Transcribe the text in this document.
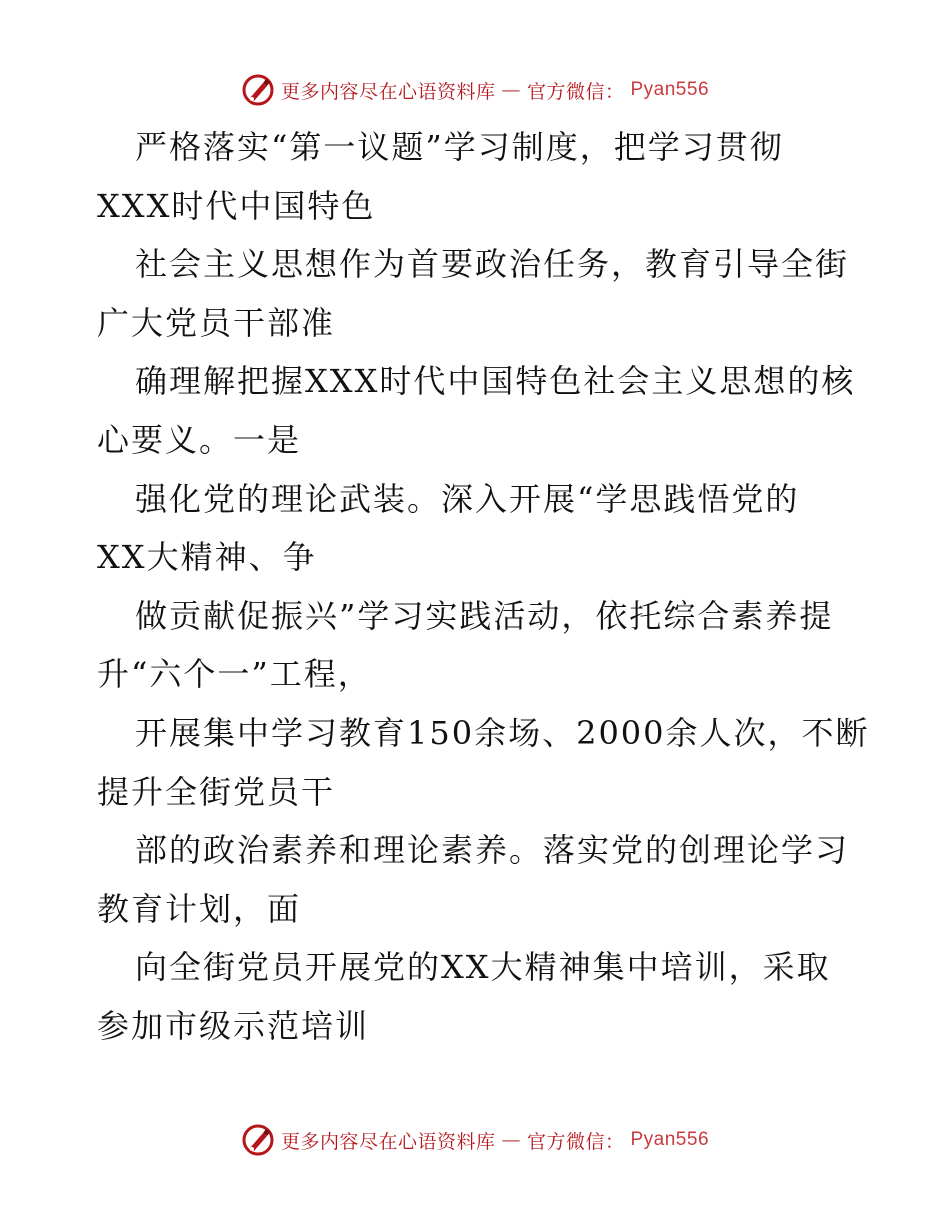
更多内容尽在心语资料库 — 官方微信： Pyan556
严格落实“第一议题”学习制度，把学习贯彻
XXX时代中国特色
社会主义思想作为首要政治任务，教育引导全街
广大党员干部准
确理解把握XXX时代中国特色社会主义思想的核
心要义。一是
强化党的理论武装。深入开展“学思践悟党的
XX大精神、争
做贡献促振兴”学习实践活动，依托综合素养提
升“六个一”工程，
开展集中学习教育150余场、2000余人次，不断
提升全街党员干
部的政治素养和理论素养。落实党的创理论学习
教育计划，面
向全街党员开展党的XX大精神集中培训，采取
参加市级示范培训
更多内容尽在心语资料库 — 官方微信： Pyan556
